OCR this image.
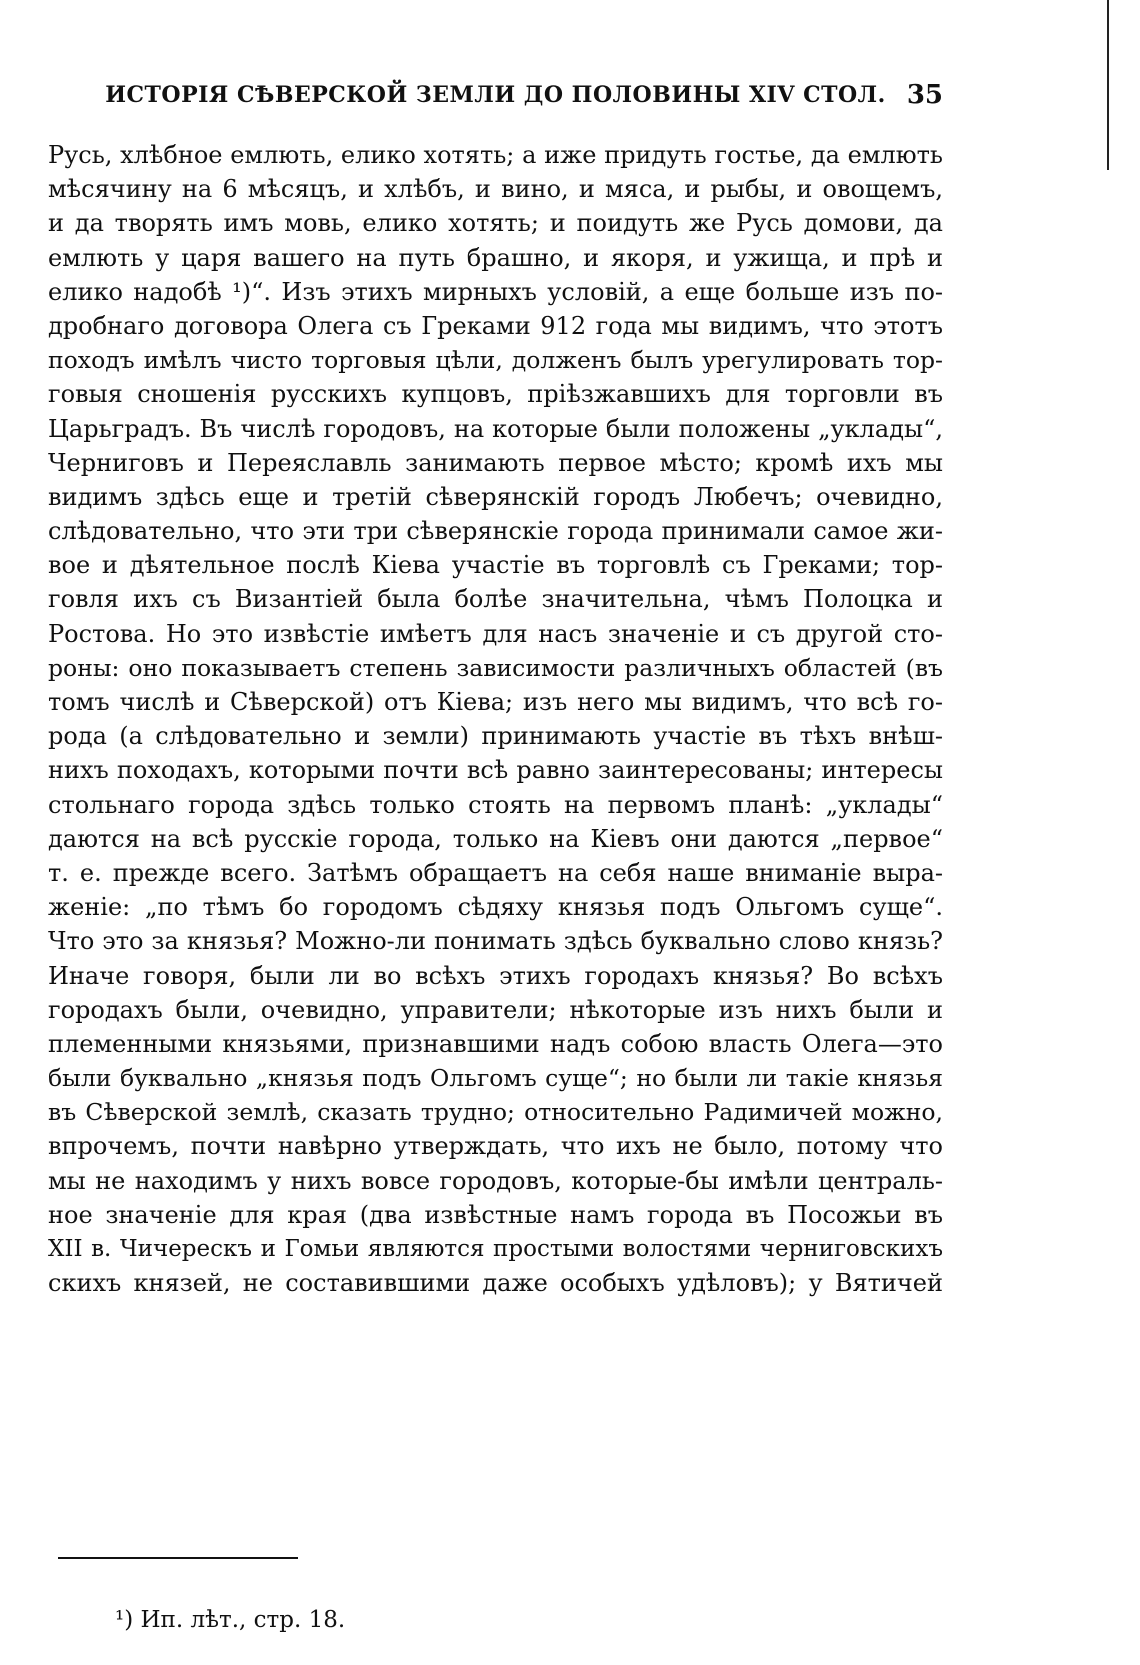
ИСТОРІЯ СѢВЕРСКОЙ ЗЕМЛИ ДО ПОЛОВИНЫ XIV СТОЛ. 35
Русь, хлѣбное емлють, елико хотять; а иже придуть гостье, да емлють
мѣсячину на 6 мѣсяцъ, и хлѣбъ, и вино, и мяса, и рыбы, и овощемъ,
и да творять имъ мовь, елико хотять; и поидуть же Русь домови, да
емлють у царя вашего на путь брашно, и якоря, и ужища, и прѣ и
елико надобѣ ¹)“. Изъ этихъ мирныхъ условій, а еще больше изъ по-
дробнаго договора Олега съ Греками 912 года мы видимъ, что этотъ
походъ имѣлъ чисто торговыя цѣли, долженъ былъ урегулировать тор-
говыя сношенія русскихъ купцовъ, пріѣзжавшихъ для торговли въ
Царьградъ. Въ числѣ городовъ, на которые были положены „уклады“,
Черниговъ и Переяславль занимають первое мѣсто; кромѣ ихъ мы
видимъ здѣсь еще и третій сѣверянскій городъ Любечъ; очевидно,
слѣдовательно, что эти три сѣверянскіе города принимали самое жи-
вое и дѣятельное послѣ Кіева участіе въ торговлѣ съ Греками; тор-
говля ихъ съ Византіей была болѣе значительна, чѣмъ Полоцка и
Ростова. Но это извѣстіе имѣетъ для насъ значеніе и съ другой сто-
роны: оно показываетъ степень зависимости различныхъ областей (въ
томъ числѣ и Сѣверской) отъ Кіева; изъ него мы видимъ, что всѣ го-
рода (а слѣдовательно и земли) принимають участіе въ тѣхъ внѣш-
нихъ походахъ, которыми почти всѣ равно заинтересованы; интересы
стольнаго города здѣсь только стоять на первомъ планѣ: „уклады“
даются на всѣ русскіе города, только на Кіевъ они даются „первое“
т. е. прежде всего. Затѣмъ обращаетъ на себя наше вниманіе выра-
женіе: „по тѣмъ бо городомъ сѣдяху князья подъ Ольгомъ суще“.
Что это за князья? Можно-ли понимать здѣсь буквально слово князь?
Иначе говоря, были ли во всѣхъ этихъ городахъ князья? Во всѣхъ
городахъ были, очевидно, управители; нѣкоторые изъ нихъ были и
племенными князьями, признавшими надъ собою власть Олега—это
были буквально „князья подъ Ольгомъ суще“; но были ли такіе князья
въ Сѣверской землѣ, сказать трудно; относительно Радимичей можно,
впрочемъ, почти навѣрно утверждать, что ихъ не было, потому что
мы не находимъ у нихъ вовсе городовъ, которые-бы имѣли централь-
ное значеніе для края (два извѣстные намъ города въ Посожьи въ
XII в. Чичерескъ и Гомьи являются простыми волостями черниговскихъ
скихъ князей, не составившими даже особыхъ удѣловъ); у Вятичей
¹) Ип. лѣт., стр. 18.
